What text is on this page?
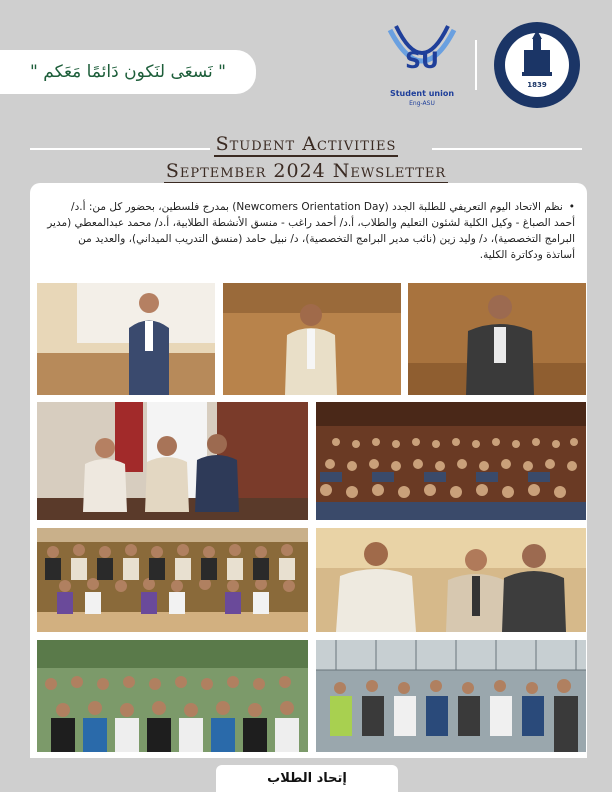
" نَسعَى لنَكون دَائمًا مَعَكم "	SU
Student union
Eng-ASU
1839
Student Activities
September 2024 Newsletter
•نظم الاتحاد اليوم التعريفي للطلبة الجدد (Newcomers Orientation Day) بمدرج فلسطين، بحضور كل من: أ.د/ أحمد الصباغ - وكيل الكلية لشئون التعليم والطلاب، أ.د/ أحمد راغب - منسق الأنشطة الطلابية، أ.د/ محمد عبدالمعطي (مدير البرامج التخصصية)، د/ وليد زين (نائب مدير البرامج التخصصية)، د/ نبيل حامد (منسق التدريب الميداني)، والعديد من أساتذة ودكاترة الكلية.
إتحاد الطلاب
